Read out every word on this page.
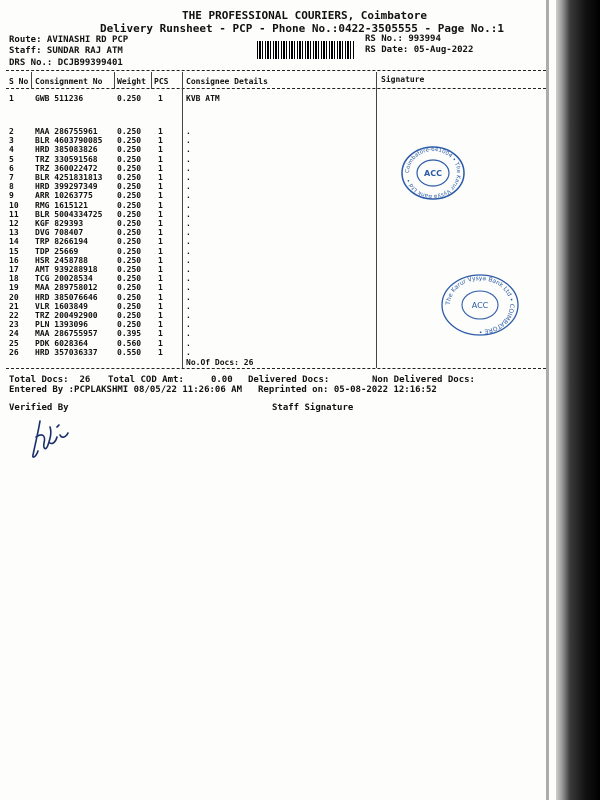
THE PROFESSIONAL COURIERS, Coimbatore
Delivery Runsheet - PCP - Phone No.:0422-3505555 - Page No.:1
Route: AVINASHI RD PCP
Staff: SUNDAR RAJ ATM
DRS No.: DCJB99399401
RS No.: 993994
RS Date: 05-Aug-2022
S No Consignment No Weight PCS Consignee Details	Signature
1	GWB 511236	0.250 1	KVB ATM
2	MAA 286755961 0.250 1	.
3	BLR 4603790085 0.250 1	.
4	HRD 385083826 0.250 1	.
5	TRZ 330591568 0.250 1	.
6	TRZ 360022472 0.250 1	.
7	BLR 4251831813 0.250 1	.
8	HRD 399297349 0.250 1	.
9	ARR 10263775	0.250 1	.
10 RMG 1615121	0.250 1	.
11 BLR 5004334725 0.250 1	.
12 KGF 829393	0.250 1	.
13 DVG 708407	0.250 1	.
14 TRP 8266194	0.250 1	.
15 TDP 25669	0.250 1	.
16 HSR 2458788	0.250 1	.
17 AMT 939288918 0.250 1	.
18 TCG 20028534	0.250 1	.
19 MAA 289758012 0.250 1	.
20 HRD 385076646 0.250 1	.
21 VLR 1603849	0.250 1	.
22 TRZ 200492900 0.250 1	.
23 PLN 1393096	0.250 1	.
24 MAA 286755957 0.395 1	.
25 PDK 6028364	0.560 1	.
26 HRD 357036337 0.550 1	.
No.Of Docs: 26
Total Docs:  26 Total COD Amt:     0.00 Delivered Docs:	Non Delivered Docs:
Entered By :PCPLAKSHMI 08/05/22 11:26:06 AM Reprinted on: 05-08-2022 12:16:52
Verified By	Staff Signature
Coimbatore-641004 • The Karur Vysya Bank Ltd •
ACC
The Karur Vysya Bank Ltd • COIMBATORE •
ACC
